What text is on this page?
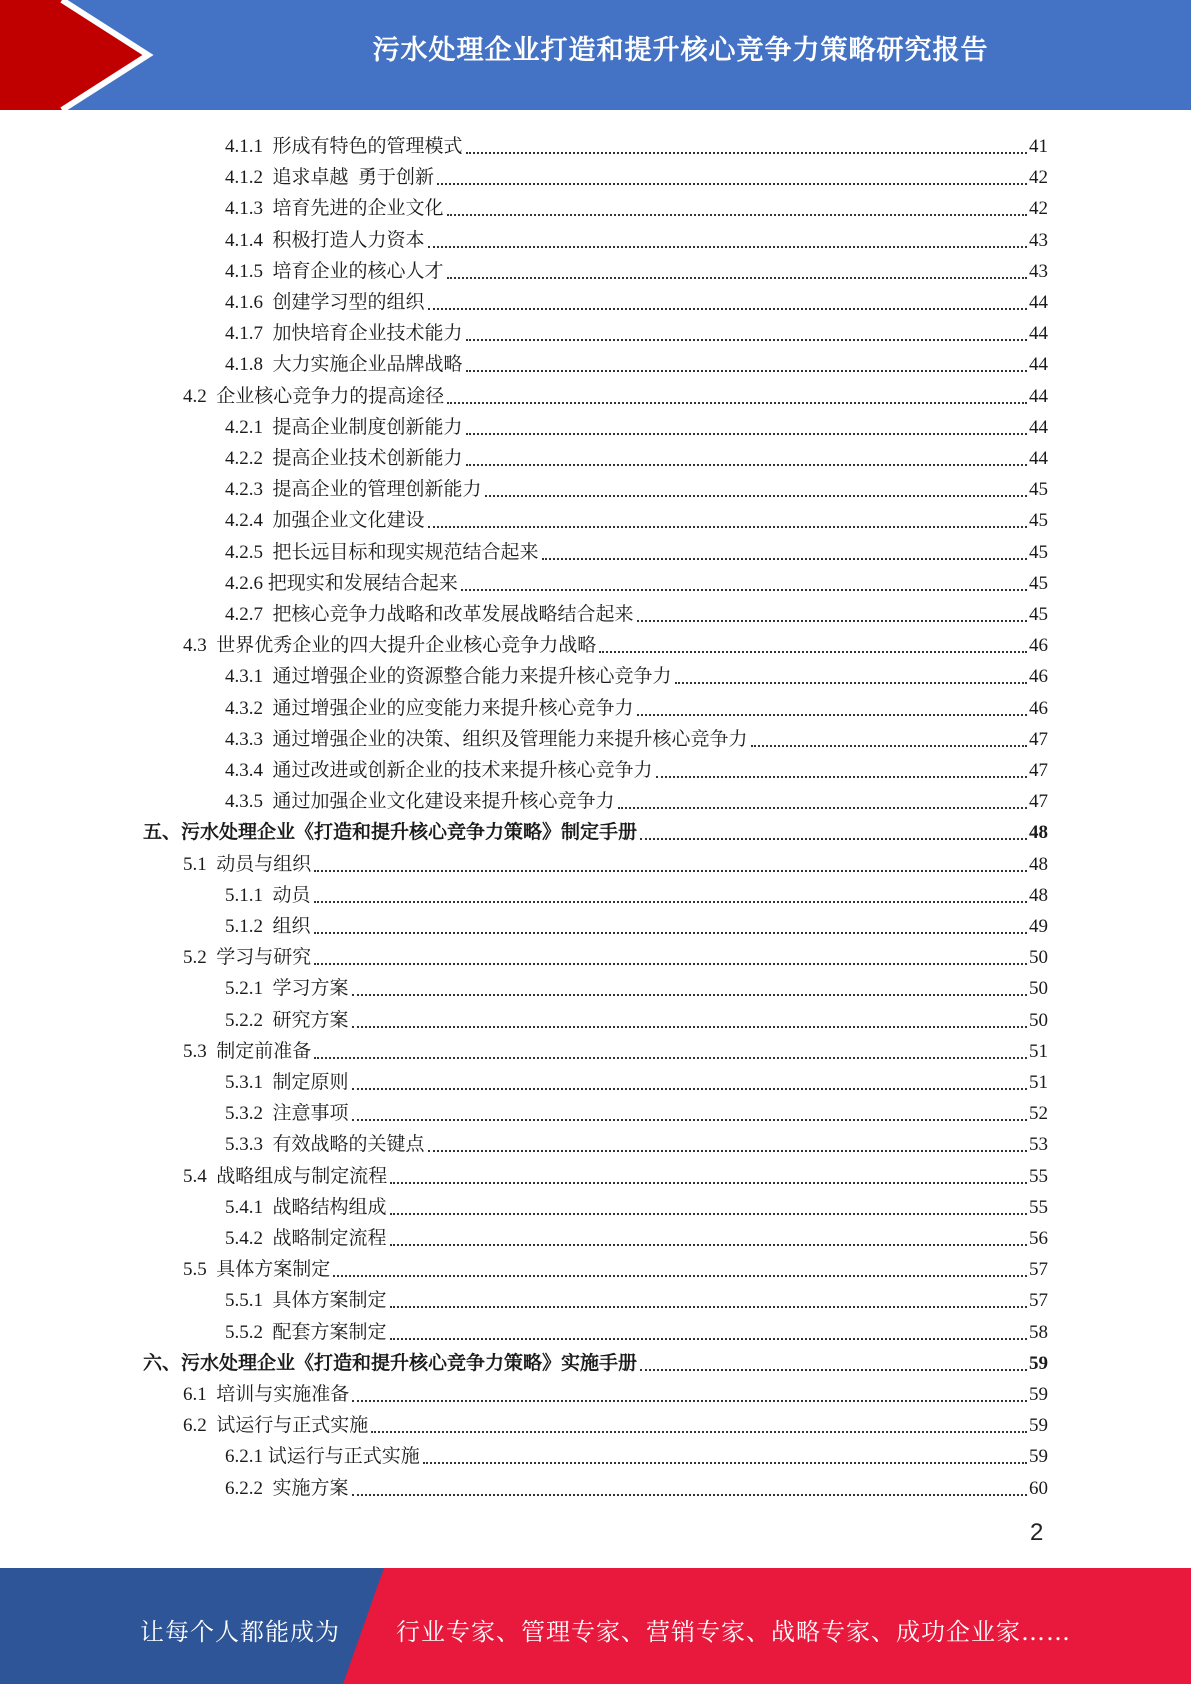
污水处理企业打造和提升核心竞争力策略研究报告
4.1.1  形成有特色的管理模式	41
4.1.2  追求卓越  勇于创新	42
4.1.3  培育先进的企业文化	42
4.1.4  积极打造人力资本	43
4.1.5  培育企业的核心人才	43
4.1.6  创建学习型的组织	44
4.1.7  加快培育企业技术能力	44
4.1.8  大力实施企业品牌战略	44
4.2  企业核心竞争力的提高途径	44
4.2.1  提高企业制度创新能力	44
4.2.2  提高企业技术创新能力	44
4.2.3  提高企业的管理创新能力	45
4.2.4  加强企业文化建设	45
4.2.5  把长远目标和现实规范结合起来	45
4.2.6 把现实和发展结合起来	45
4.2.7  把核心竞争力战略和改革发展战略结合起来	45
4.3  世界优秀企业的四大提升企业核心竞争力战略	46
4.3.1  通过增强企业的资源整合能力来提升核心竞争力	46
4.3.2  通过增强企业的应变能力来提升核心竞争力	46
4.3.3  通过增强企业的决策、组织及管理能力来提升核心竞争力	47
4.3.4  通过改进或创新企业的技术来提升核心竞争力	47
4.3.5  通过加强企业文化建设来提升核心竞争力	47
五、污水处理企业《打造和提升核心竞争力策略》制定手册	48
5.1  动员与组织	48
5.1.1  动员	48
5.1.2  组织	49
5.2  学习与研究	50
5.2.1  学习方案	50
5.2.2  研究方案	50
5.3  制定前准备	51
5.3.1  制定原则	51
5.3.2  注意事项	52
5.3.3  有效战略的关键点	53
5.4  战略组成与制定流程	55
5.4.1  战略结构组成	55
5.4.2  战略制定流程	56
5.5  具体方案制定	57
5.5.1  具体方案制定	57
5.5.2  配套方案制定	58
六、污水处理企业《打造和提升核心竞争力策略》实施手册	59
6.1  培训与实施准备	59
6.2  试运行与正式实施	59
6.2.1 试运行与正式实施	59
6.2.2  实施方案	60
2
让每个人都能成为 行业专家、管理专家、营销专家、战略专家、成功企业家……
